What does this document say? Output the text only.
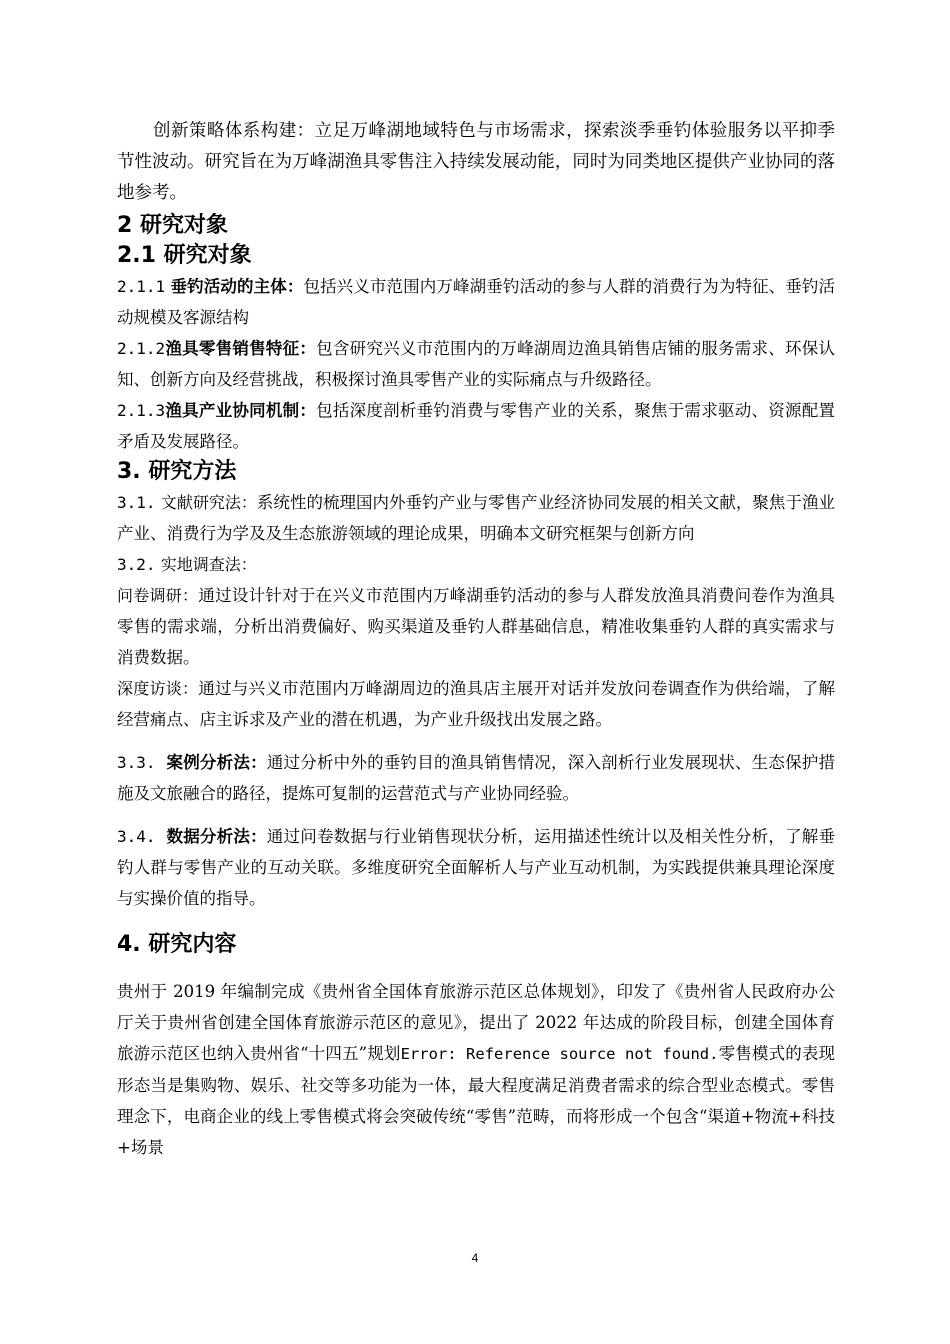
创新策略体系构建：立足万峰湖地域特色与市场需求，探索淡季垂钓体验服务以平抑季节性波动。研究旨在为万峰湖渔具零售注入持续发展动能，同时为同类地区提供产业协同的落地参考。

2 研究对象
2.1 研究对象

2.1.1 垂钓活动的主体：包括兴义市范围内万峰湖垂钓活动的参与人群的消费行为为特征、垂钓活动规模及客源结构

2.1.2渔具零售销售特征：包含研究兴义市范围内的万峰湖周边渔具销售店铺的服务需求、环保认知、创新方向及经营挑战，积极探讨渔具零售产业的实际痛点与升级路径。

2.1.3渔具产业协同机制：包括深度剖析垂钓消费与零售产业的关系，聚焦于需求驱动、资源配置矛盾及发展路径。

3. 研究方法

3.1. 文献研究法：系统性的梳理国内外垂钓产业与零售产业经济协同发展的相关文献，聚焦于渔业产业、消费行为学及及生态旅游领域的理论成果，明确本文研究框架与创新方向

3.2. 实地调查法：

问卷调研：通过设计针对于在兴义市范围内万峰湖垂钓活动的参与人群发放渔具消费问卷作为渔具零售的需求端，分析出消费偏好、购买渠道及垂钓人群基础信息，精准收集垂钓人群的真实需求与消费数据。

深度访谈：通过与兴义市范围内万峰湖周边的渔具店主展开对话并发放问卷调查作为供给端，了解经营痛点、店主诉求及产业的潜在机遇，为产业升级找出发展之路。

3.3. 案例分析法：通过分析中外的垂钓目的渔具销售情况，深入剖析行业发展现状、生态保护措施及文旅融合的路径，提炼可复制的运营范式与产业协同经验。

3.4. 数据分析法：通过问卷数据与行业销售现状分析，运用描述性统计以及相关性分析，了解垂钓人群与零售产业的互动关联。多维度研究全面解析人与产业互动机制，为实践提供兼具理论深度与实操价值的指导。

4. 研究内容

贵州于 2019 年编制完成《贵州省全国体育旅游示范区总体规划》，印发了《贵州省人民政府办公厅关于贵州省创建全国体育旅游示范区的意见》，提出了 2022 年达成的阶段目标，创建全国体育旅游示范区也纳入贵州省“十四五”规划Error: Reference source not found.零售模式的表现形态当是集购物、娱乐、社交等多功能为一体，最大程度满足消费者需求的综合型业态模式。零售理念下，电商企业的线上零售模式将会突破传统“零售”范畴，而将形成一个包含“渠道+物流+科技+场景

4
